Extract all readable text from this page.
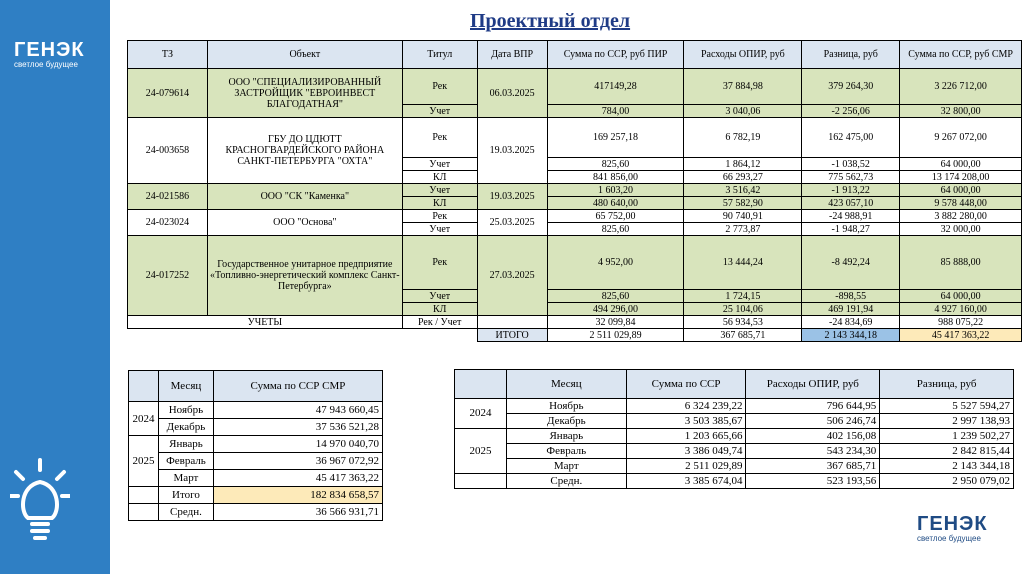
ГЕНЭК
светлое будущее
Проектный отдел
ТЗ	Объект	Титул	Дата ВПР	Сумма по ССР, руб ПИР	Расходы ОПИР, руб	Разница, руб	Сумма по ССР, руб СМР
24-079614	ООО "СПЕЦИАЛИЗИРОВАННЫЙ ЗАСТРОЙЩИК "ЕВРОИНВЕСТ БЛАГОДАТНАЯ"	Рек	06.03.2025	417149,28	37 884,98	379 264,30	3 226 712,00
		Учет		784,00	3 040,06	-2 256,06	32 800,00
24-003658	ГБУ ДО ЦДЮТТ КРАСНОГВАРДЕЙСКОГО РАЙОНА САНКТ-ПЕТЕРБУРГА "ОХТА"	Рек	19.03.2025	169 257,18	6 782,19	162 475,00	9 267 072,00
		Учет		825,60	1 864,12	-1 038,52	64 000,00
		КЛ		841 856,00	66 293,27	775 562,73	13 174 208,00
24-021586	ООО "СК "Каменка"	Учет	19.03.2025	1 603,20	3 516,42	-1 913,22	64 000,00
		КЛ		480 640,00	57 582,90	423 057,10	9 578 448,00
24-023024	ООО "Основа"	Рек	25.03.2025	65 752,00	90 740,91	-24 988,91	3 882 280,00
		Учет		825,60	2 773,87	-1 948,27	32 000,00
24-017252	Государственное унитарное предприятие «Топливно-энергетический комплекс Санкт-Петербурга»	Рек	27.03.2025	4 952,00	13 444,24	-8 492,24	85 888,00
		Учет		825,60	1 724,15	-898,55	64 000,00
		КЛ		494 296,00	25 104,06	469 191,94	4 927 160,00
УЧЕТЫ		Рек / Учет		32 099,84	56 934,53	-24 834,69	988 075,22
			ИТОГО	2 511 029,89	367 685,71	2 143 344,18	45 417 363,22
	Месяц	Сумма по ССР СМР
2024	Ноябрь	47 943 660,45
	Декабрь	37 536 521,28
2025	Январь	14 970 040,70
	Февраль	36 967 072,92
	Март	45 417 363,22
	Итого	182 834 658,57
	Средн.	36 566 931,71
	Месяц	Сумма по ССР	Расходы ОПИР, руб	Разница, руб
2024	Ноябрь	6 324 239,22	796 644,95	5 527 594,27
	Декабрь	3 503 385,67	506 246,74	2 997 138,93
2025	Январь	1 203 665,66	402 156,08	1 239 502,27
	Февраль	3 386 049,74	543 234,30	2 842 815,44
	Март	2 511 029,89	367 685,71	2 143 344,18
	Средн.	3 385 674,04	523 193,56	2 950 079,02
ГЕНЭК
светлое будущее
